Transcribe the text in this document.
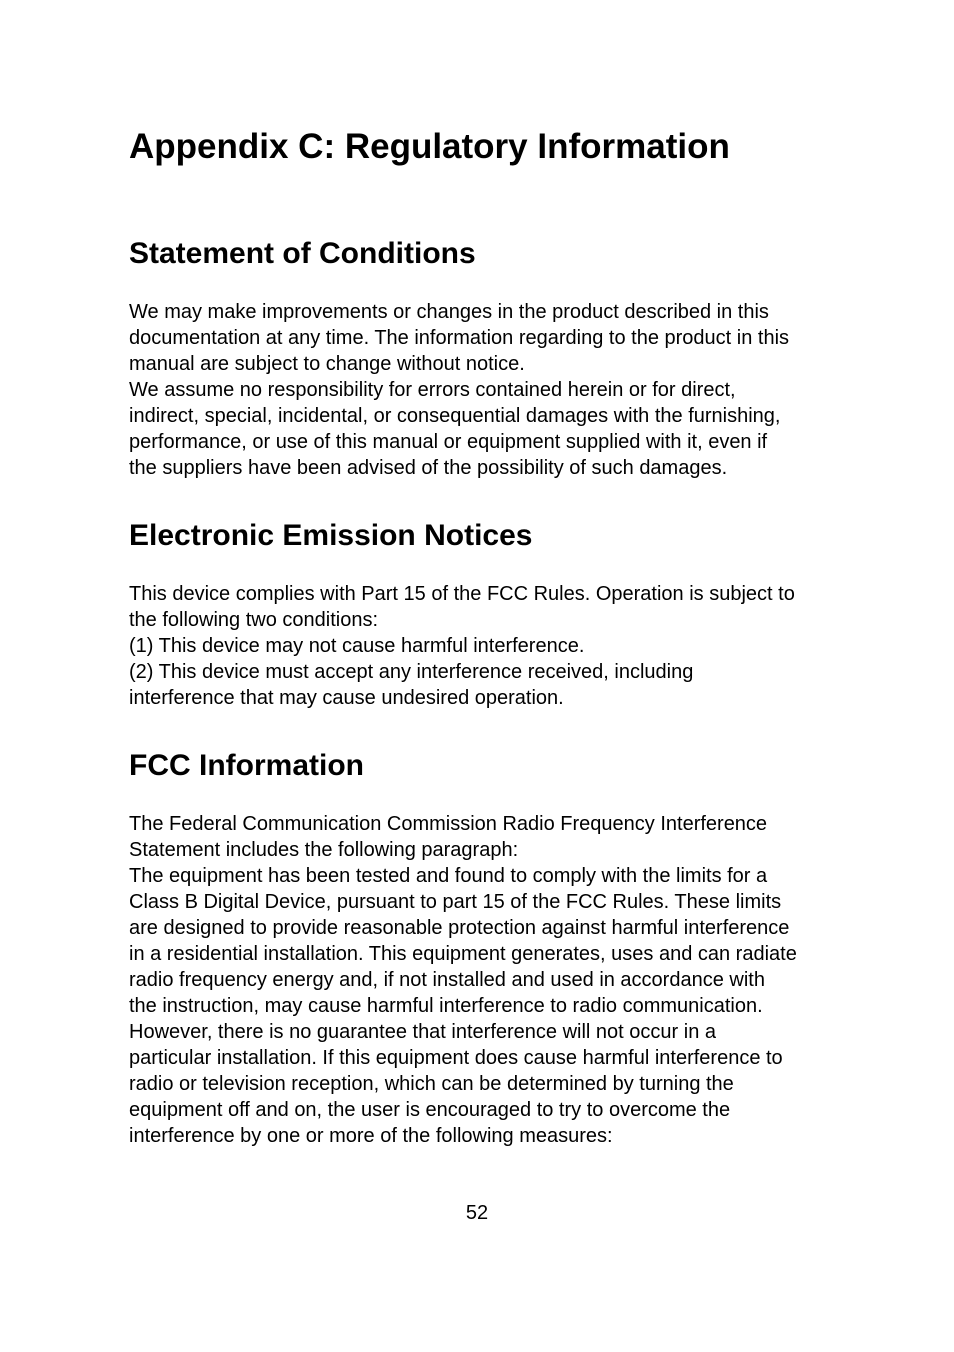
Appendix C: Regulatory Information
Statement of Conditions
We may make improvements or changes in the product described in this
documentation at any time. The information regarding to the product in this
manual are subject to change without notice.
We assume no responsibility for errors contained herein or for direct,
indirect, special, incidental, or consequential damages with the furnishing,
performance, or use of this manual or equipment supplied with it, even if
the suppliers have been advised of the possibility of such damages.
Electronic Emission Notices
This device complies with Part 15 of the FCC Rules. Operation is subject to
the following two conditions:
(1) This device may not cause harmful interference.
(2) This device must accept any interference received, including
interference that may cause undesired operation.
FCC Information
The Federal Communication Commission Radio Frequency Interference
Statement includes the following paragraph:
The equipment has been tested and found to comply with the limits for a
Class B Digital Device, pursuant to part 15 of the FCC Rules. These limits
are designed to provide reasonable protection against harmful interference
in a residential installation. This equipment generates, uses and can radiate
radio frequency energy and, if not installed and used in accordance with
the instruction, may cause harmful interference to radio communication.
However, there is no guarantee that interference will not occur in a
particular installation. If this equipment does cause harmful interference to
radio or television reception, which can be determined by turning the
equipment off and on, the user is encouraged to try to overcome the
interference by one or more of the following measures:

52
